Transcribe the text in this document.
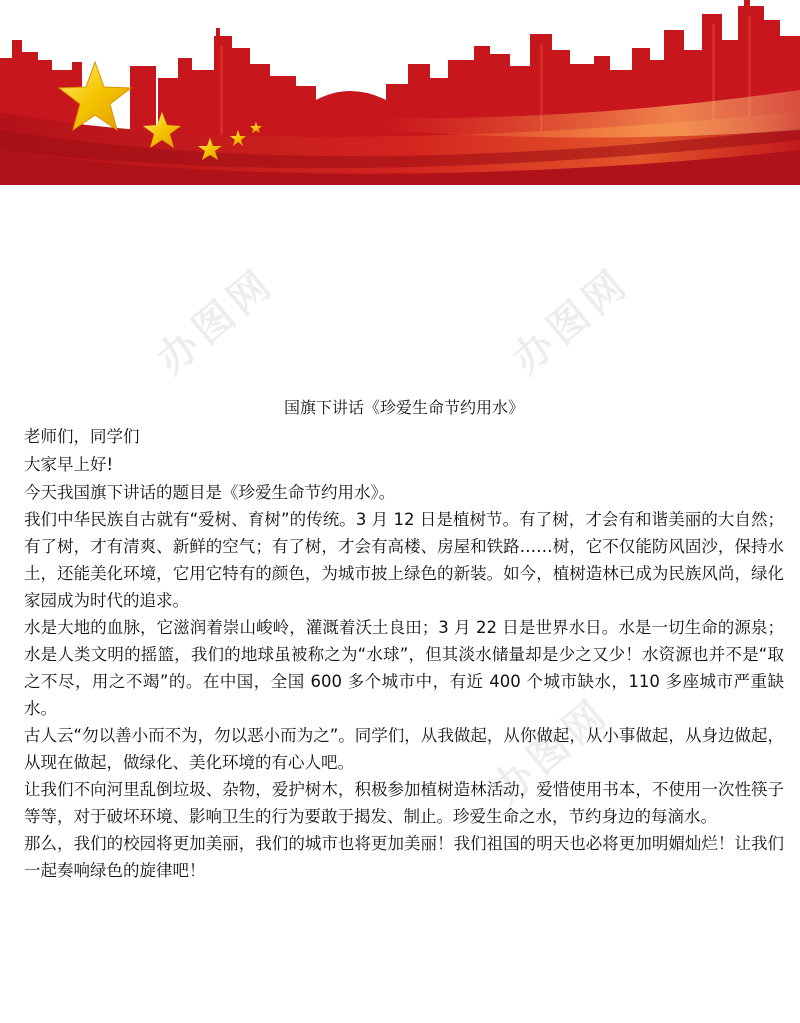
办图网	办图网
办图网

国旗下讲话《珍爱生命节约用水》

老师们，同学们

大家早上好!

今天我国旗下讲话的题目是《珍爱生命节约用水》。

我们中华民族自古就有“爱树、育树”的传统。3 月 12 日是植树节。有了树，才会有和谐美丽的大自然；有了树，才有清爽、新鲜的空气；有了树，才会有高楼、房屋和铁路……树，它不仅能防风固沙，保持水土，还能美化环境，它用它特有的颜色，为城市披上绿色的新装。如今，植树造林已成为民族风尚，绿化家园成为时代的追求。

水是大地的血脉，它滋润着崇山峻岭，灌溉着沃土良田；3 月 22 日是世界水日。水是一切生命的源泉；水是人类文明的摇篮，我们的地球虽被称之为“水球”，但其淡水储量却是少之又少！水资源也并不是“取之不尽，用之不竭”的。在中国，全国 600 多个城市中，有近 400 个城市缺水，110 多座城市严重缺水。

古人云“勿以善小而不为，勿以恶小而为之”。同学们，从我做起，从你做起，从小事做起，从身边做起，从现在做起，做绿化、美化环境的有心人吧。

让我们不向河里乱倒垃圾、杂物，爱护树木，积极参加植树造林活动，爱惜使用书本，不使用一次性筷子等等，对于破坏环境、影响卫生的行为要敢于揭发、制止。珍爱生命之水，节约身边的每滴水。

那么，我们的校园将更加美丽，我们的城市也将更加美丽！我们祖国的明天也必将更加明媚灿烂！让我们一起奏响绿色的旋律吧！
